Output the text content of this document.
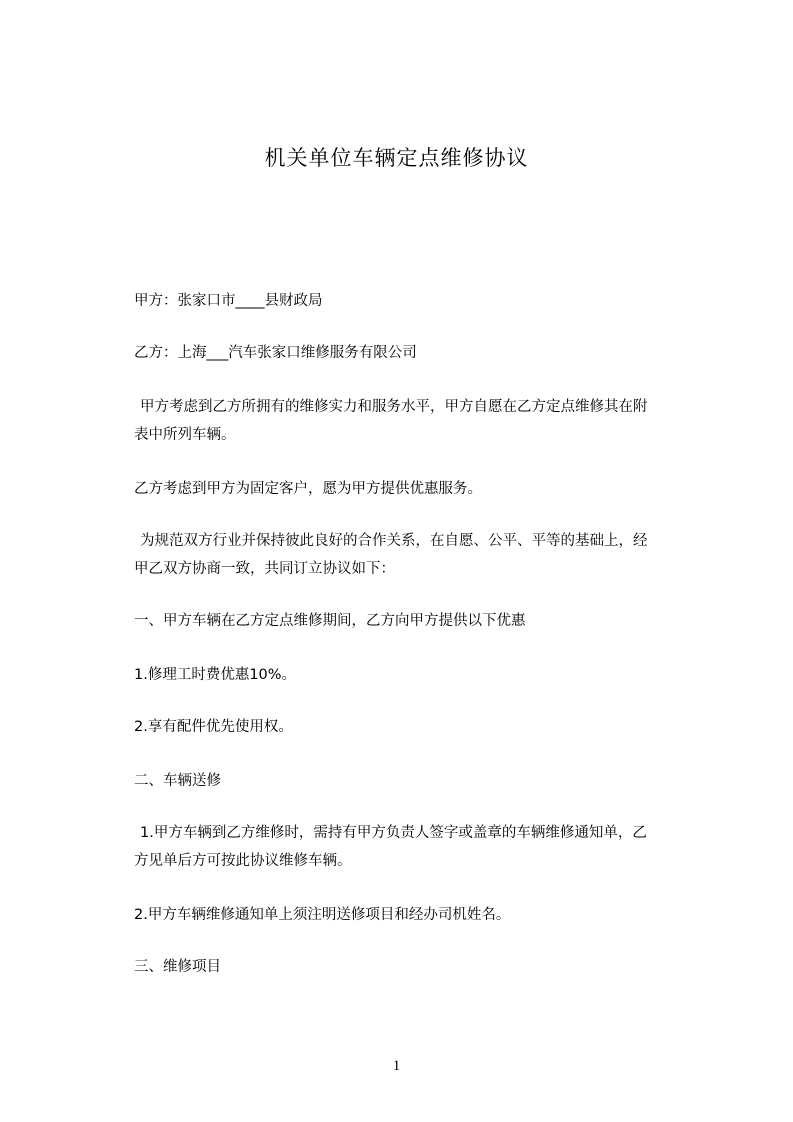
机关单位车辆定点维修协议

甲方：张家口市____县财政局

乙方：上海___汽车张家口维修服务有限公司

甲方考虑到乙方所拥有的维修实力和服务水平，甲方自愿在乙方定点维修其在附

表中所列车辆。

乙方考虑到甲方为固定客户，愿为甲方提供优惠服务。

为规范双方行业并保持彼此良好的合作关系，在自愿、公平、平等的基础上，经

甲乙双方协商一致，共同订立协议如下：

一、甲方车辆在乙方定点维修期间，乙方向甲方提供以下优惠

1.修理工时费优惠10%。

2.享有配件优先使用权。

二、车辆送修

1.甲方车辆到乙方维修时，需持有甲方负责人签字或盖章的车辆维修通知单，乙

方见单后方可按此协议维修车辆。

2.甲方车辆维修通知单上须注明送修项目和经办司机姓名。

三、维修项目

1
